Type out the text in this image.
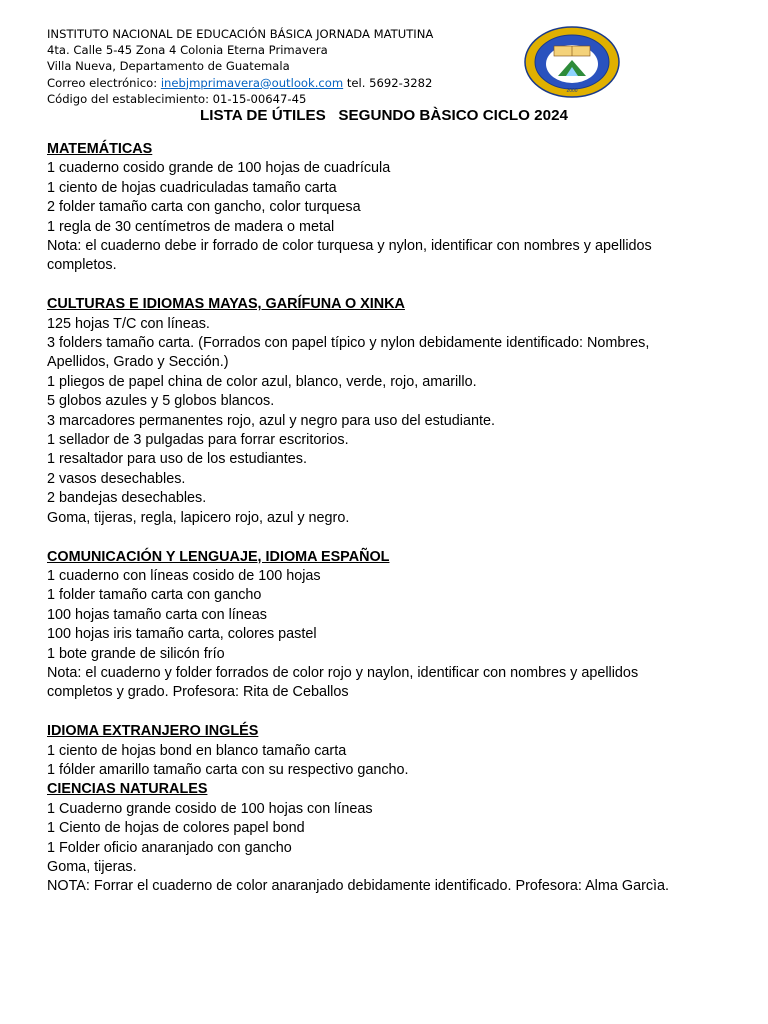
INSTITUTO NACIONAL DE EDUCACIÓN BÁSICA JORNADA MATUTINA
4ta. Calle 5-45 Zona 4 Colonia Eterna Primavera
Villa Nueva, Departamento de Guatemala
Correo electrónico: inebjmprimavera@outlook.com tel. 5692-3282
Código del establecimiento: 01-15-00647-45
2000
LISTA DE ÚTILES   SEGUNDO BÀSICO CICLO 2024
MATEMÁTICAS
1 cuaderno cosido grande de 100 hojas de cuadrícula
1 ciento de hojas cuadriculadas tamaño carta
2 folder tamaño carta con gancho, color turquesa
1 regla de 30 centímetros de madera o metal
Nota: el cuaderno debe ir forrado de color turquesa y nylon, identificar con nombres y apellidos
completos.
CULTURAS E IDIOMAS MAYAS, GARÍFUNA O XINKA
125 hojas T/C con líneas.
3 folders tamaño carta. (Forrados con papel típico y nylon debidamente identificado: Nombres,
Apellidos, Grado y Sección.)
1 pliegos de papel china de color azul, blanco, verde, rojo, amarillo.
5 globos azules y 5 globos blancos.
3 marcadores permanentes rojo, azul y negro para uso del estudiante.
1 sellador de 3 pulgadas para forrar escritorios.
1 resaltador para uso de los estudiantes.
2 vasos desechables.
2 bandejas desechables.
Goma, tijeras, regla, lapicero rojo, azul y negro.
COMUNICACIÓN Y LENGUAJE, IDIOMA ESPAÑOL
1 cuaderno con líneas cosido de 100 hojas
1 folder tamaño carta con gancho
100 hojas tamaño carta con líneas
100 hojas iris tamaño carta, colores pastel
1 bote grande de silicón frío
Nota: el cuaderno y folder forrados de color rojo y naylon, identificar con nombres y apellidos
completos y grado. Profesora: Rita de Ceballos
IDIOMA EXTRANJERO INGLÉS
1 ciento de hojas bond en blanco tamaño carta
1 fólder amarillo tamaño carta con su respectivo gancho.
CIENCIAS NATURALES
1 Cuaderno grande cosido de 100 hojas con líneas
1 Ciento de hojas de colores papel bond
1 Folder oficio anaranjado con gancho
Goma, tijeras.
NOTA: Forrar el cuaderno de color anaranjado debidamente identificado. Profesora: Alma Garcìa.
